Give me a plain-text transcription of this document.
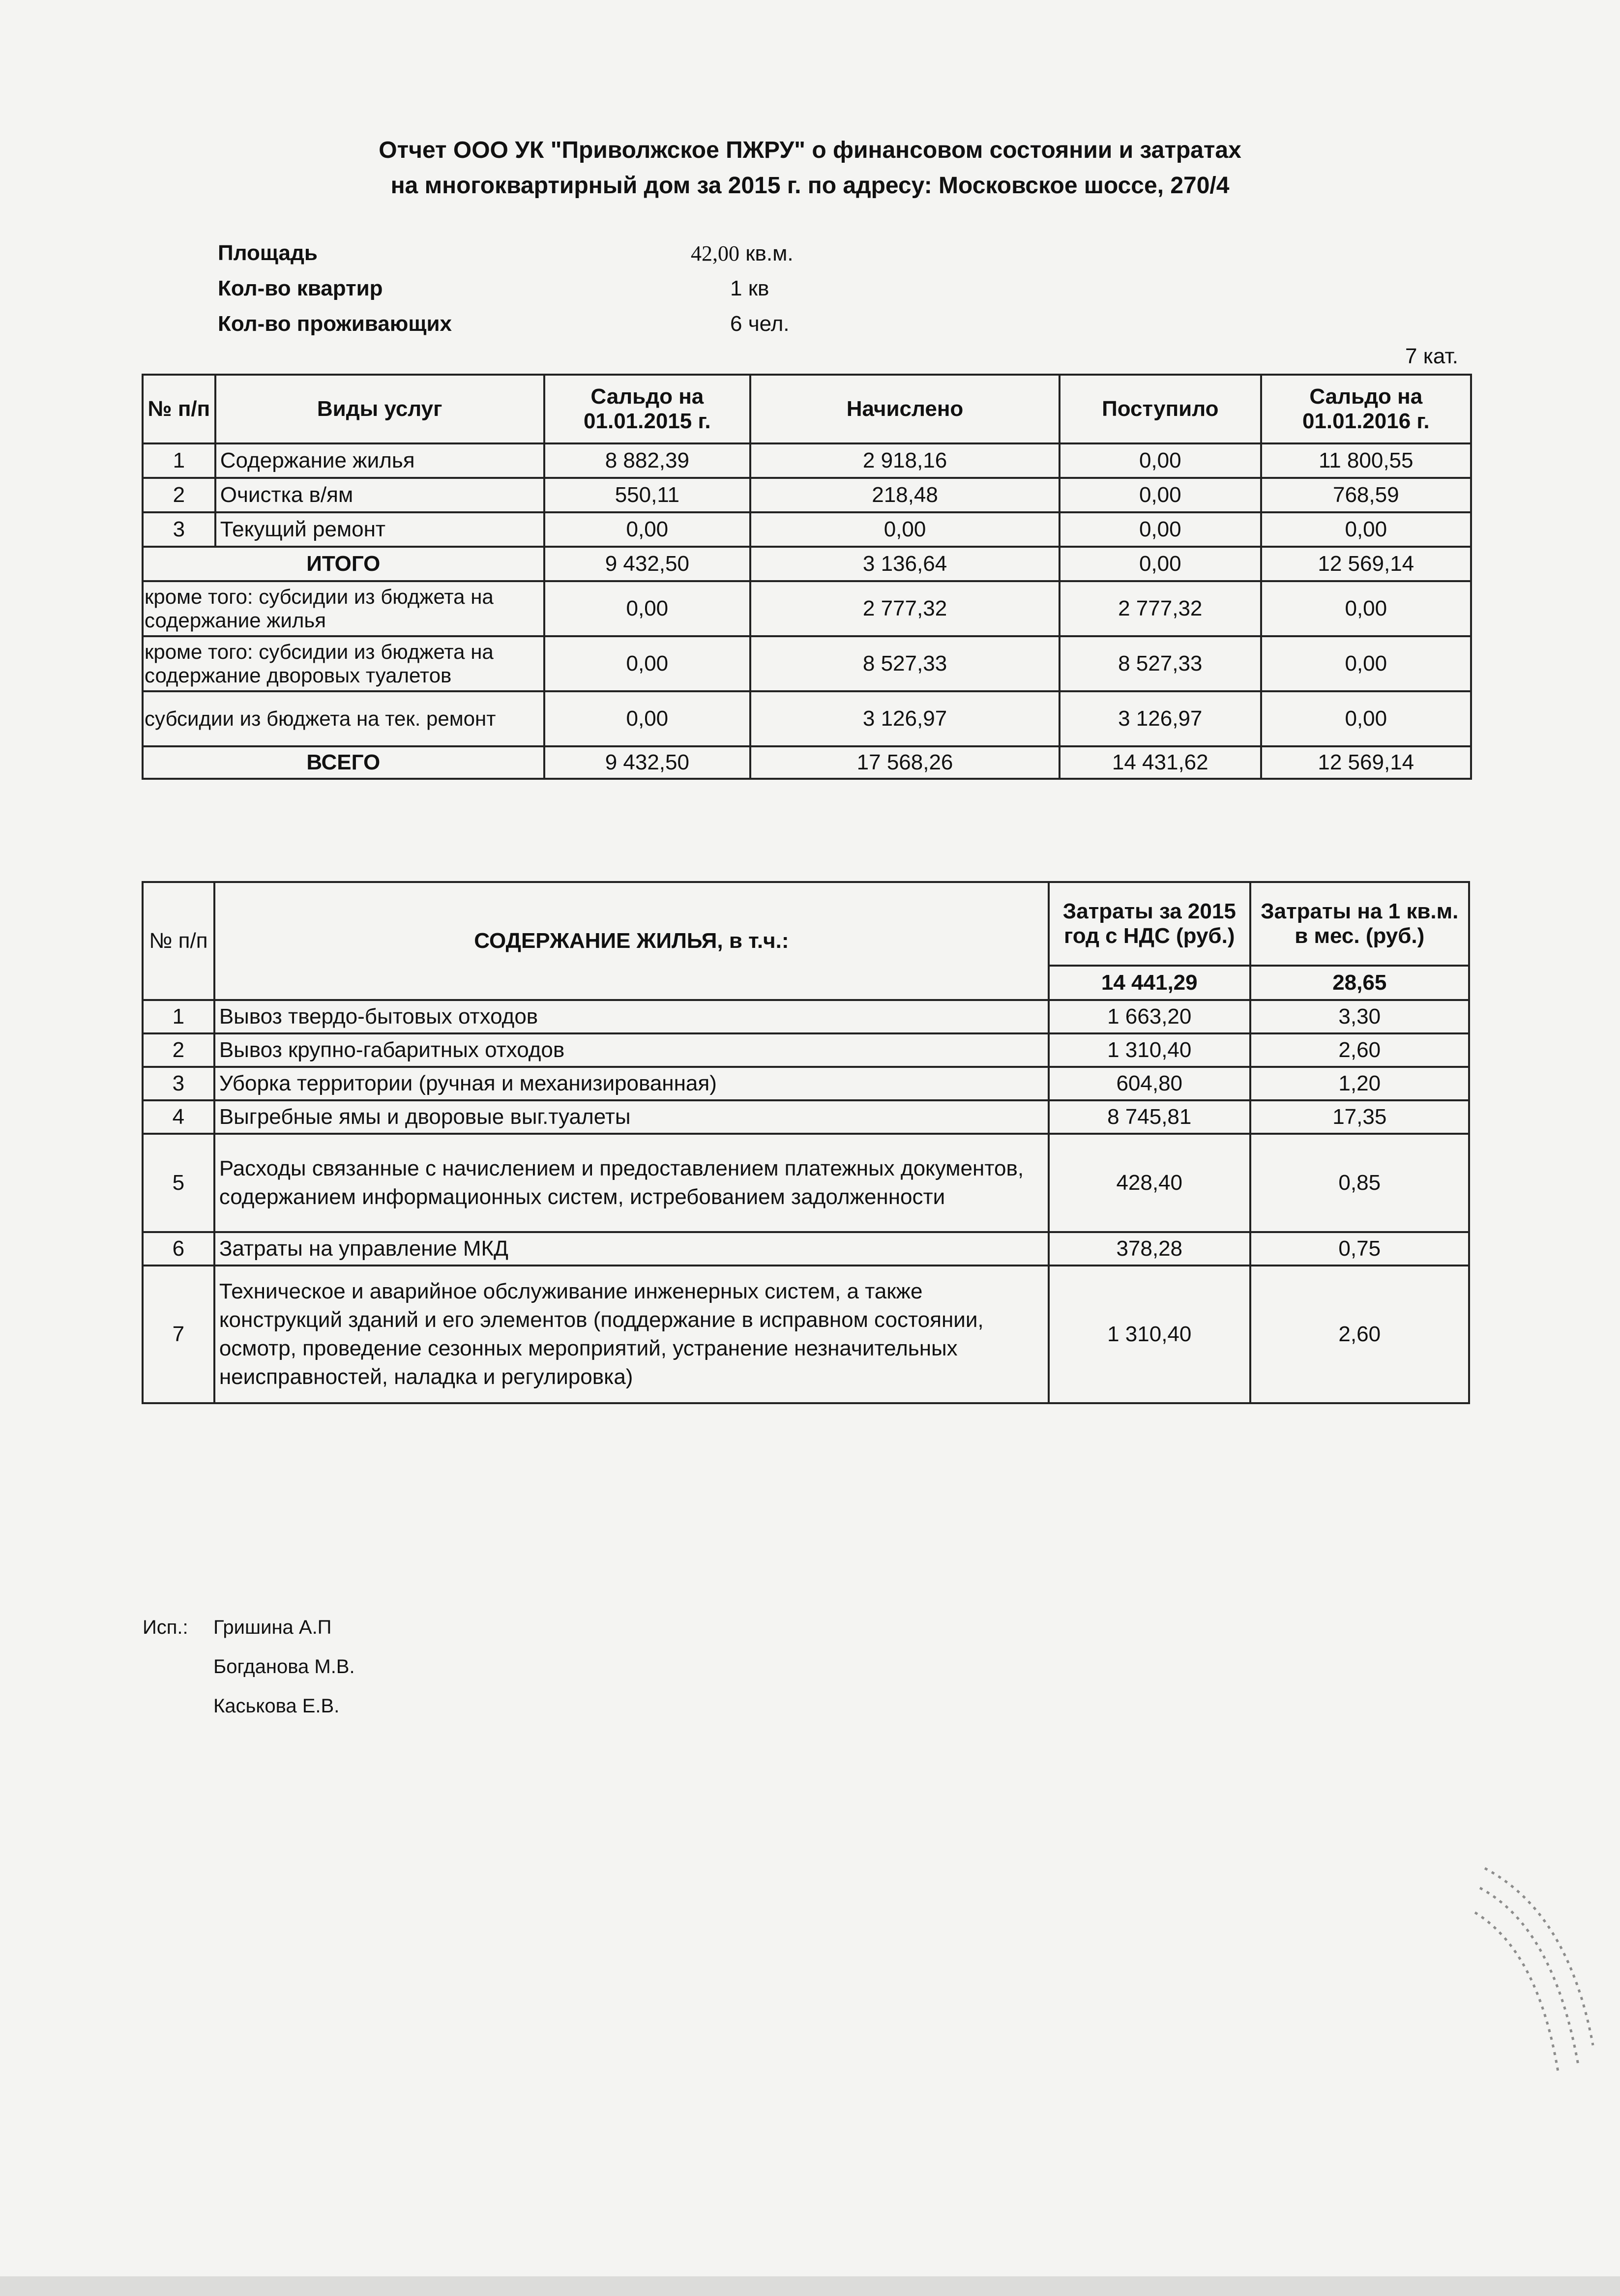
Отчет ООО УК "Приволжское ПЖРУ" о финансовом состоянии и затратах
на многоквартирный дом за 2015 г. по адресу: Московское шоссе, 270/4
Площадь	42,00 кв.м.
Кол-во квартир	1 кв
Кол-во проживающих	6 чел.
7 кат.
№ п/п	Виды услуг	Сальдо на 01.01.2015 г.	Начислено	Поступило	Сальдо на 01.01.2016 г.
1	Содержание жилья	8 882,39	2 918,16	0,00	11 800,55
2	Очистка в/ям	550,11	218,48	0,00	768,59
3	Текущий ремонт	0,00	0,00	0,00	0,00
ИТОГО		9 432,50	3 136,64	0,00	12 569,14
кроме того: субсидии из бюджета на содержание жилья		0,00	2 777,32	2 777,32	0,00
кроме того: субсидии из бюджета на содержание дворовых туалетов		0,00	8 527,33	8 527,33	0,00
субсидии из бюджета на тек. ремонт		0,00	3 126,97	3 126,97	0,00
ВСЕГО		9 432,50	17 568,26	14 431,62	12 569,14
№ п/п	СОДЕРЖАНИЕ ЖИЛЬЯ, в т.ч.:	Затраты за 2015 год с НДС (руб.)	Затраты на 1 кв.м. в мес. (руб.)
		14 441,29	28,65
1	Вывоз твердо-бытовых отходов	1 663,20	3,30
2	Вывоз крупно-габаритных отходов	1 310,40	2,60
3	Уборка территории (ручная и механизированная)	604,80	1,20
4	Выгребные ямы и дворовые выг.туалеты	8 745,81	17,35
5	Расходы связанные с начислением и предоставлением платежных документов, содержанием информационных систем, истребованием задолженности	428,40	0,85
6	Затраты на управление МКД	378,28	0,75
7	Техническое и аварийное обслуживание инженерных систем, а также конструкций зданий и его элементов (поддержание в исправном состоянии, осмотр, проведение сезонных мероприятий, устранение незначительных неисправностей, наладка и регулировка)	1 310,40	2,60
Исп.: Гришина А.П
Богданова М.В.
Каськова Е.В.
